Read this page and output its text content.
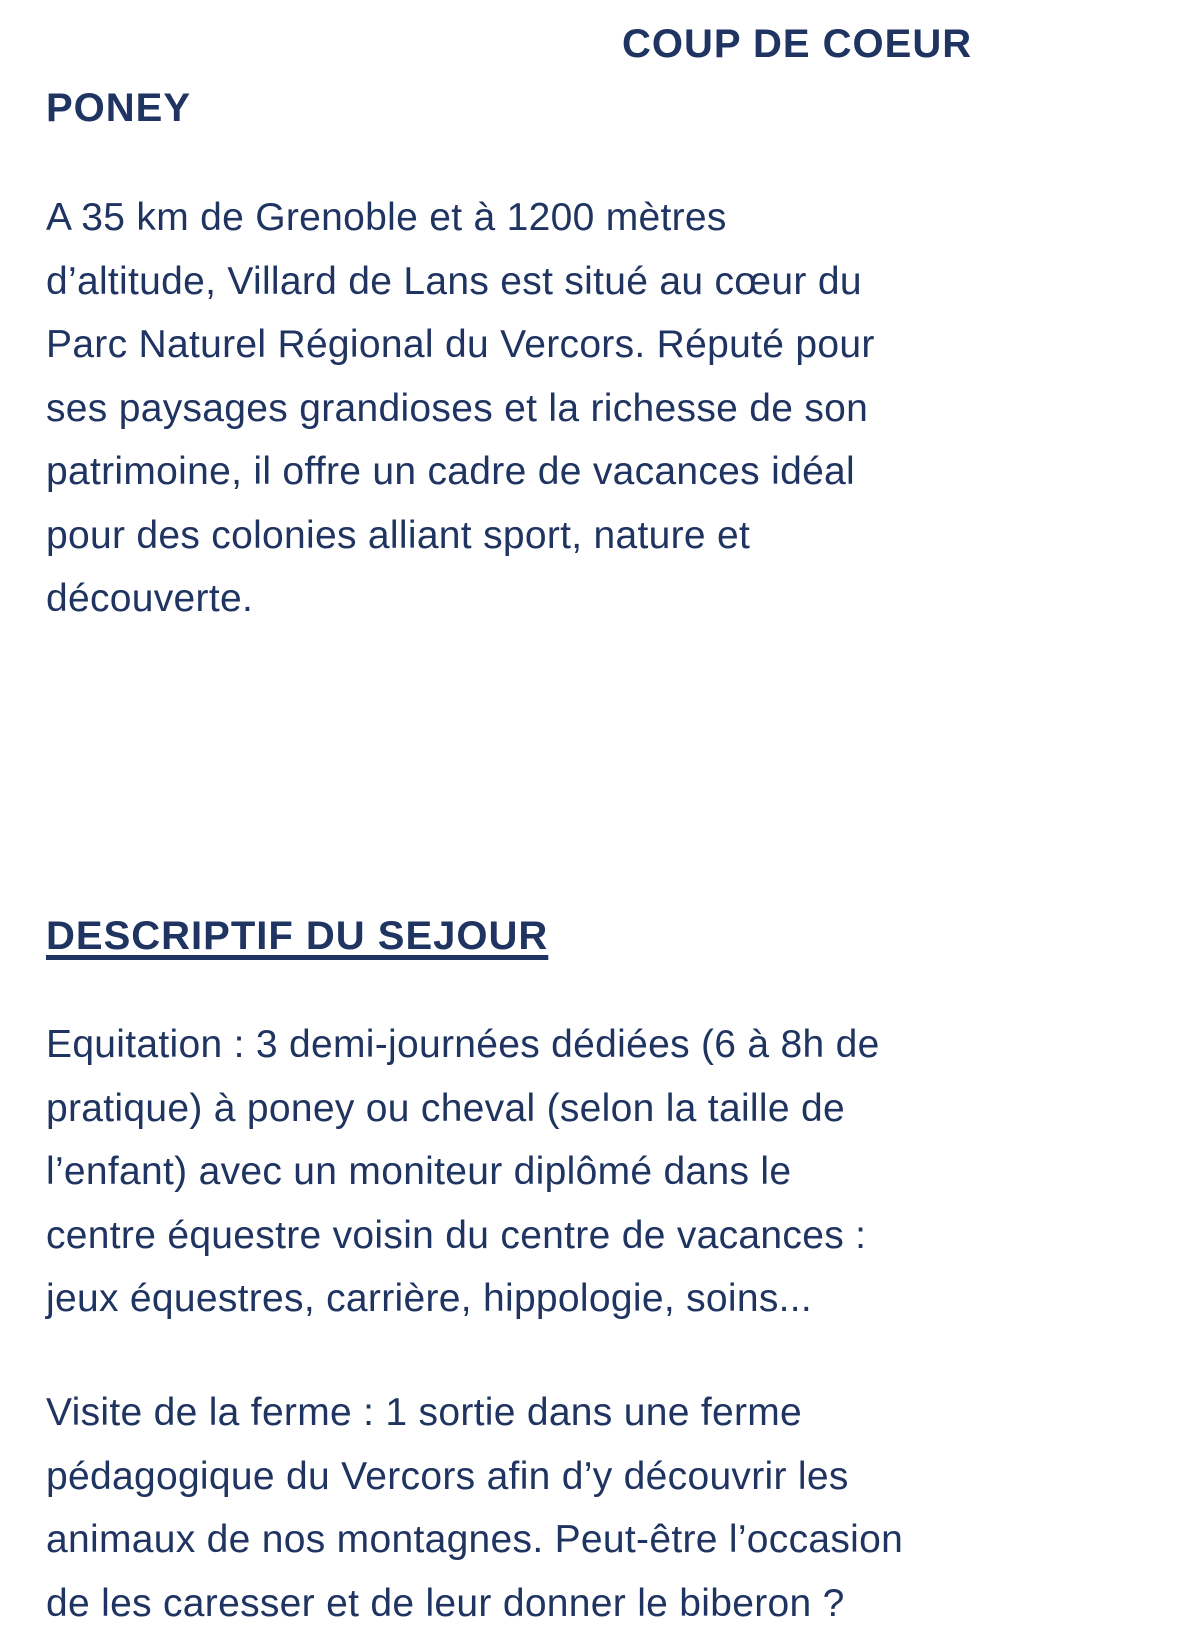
COUP DE COEUR
PONEY

A 35 km de Grenoble et à 1200 mètres
d’altitude, Villard de Lans est situé au cœur du
Parc Naturel Régional du Vercors. Réputé pour
ses paysages grandioses et la richesse de son
patrimoine, il offre un cadre de vacances idéal
pour des colonies alliant sport, nature et
découverte.

DESCRIPTIF DU SEJOUR

Equitation : 3 demi-journées dédiées (6 à 8h de
pratique) à poney ou cheval (selon la taille de
l’enfant) avec un moniteur diplômé dans le
centre équestre voisin du centre de vacances :
jeux équestres, carrière, hippologie, soins...

Visite de la ferme : 1 sortie dans une ferme
pédagogique du Vercors afin d’y découvrir les
animaux de nos montagnes. Peut-être l’occasion
de les caresser et de leur donner le biberon ?
